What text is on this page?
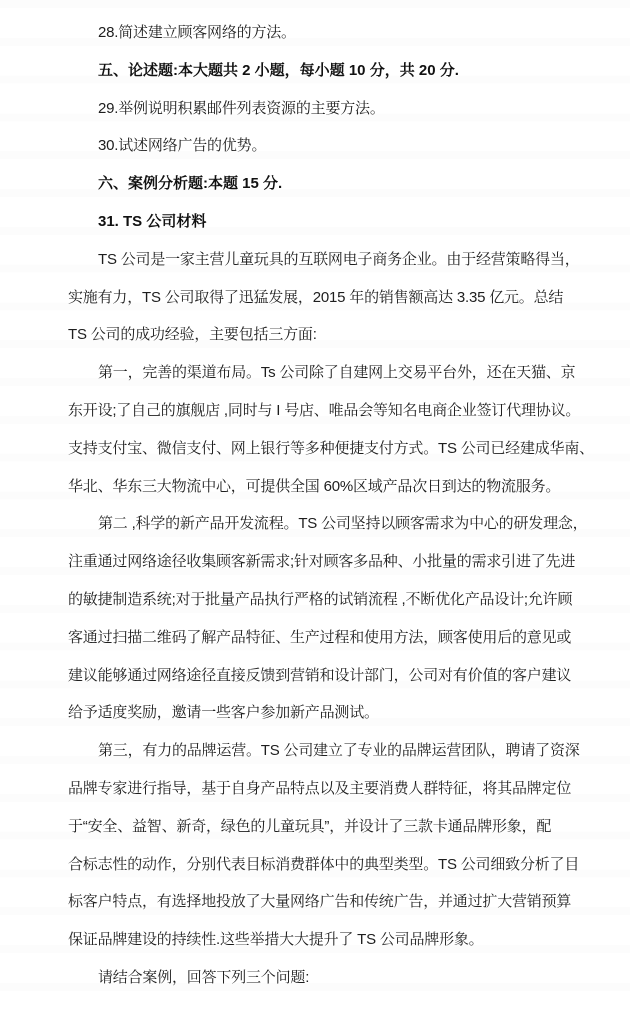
28.简述建立顾客网络的方法。
五、论述题:本大题共 2 小题，每小题 10 分，共 20 分.
29.举例说明积累邮件列表资源的主要方法。
30.试述网络广告的优势。
六、案例分析题:本题 15 分.
31. TS 公司材料
TS 公司是一家主营儿童玩具的互联网电子商务企业。由于经营策略得当，
实施有力，TS 公司取得了迅猛发展，2015 年的销售额高达 3.35 亿元。总结
TS 公司的成功经验，主要包括三方面:
第一，完善的渠道布局。Ts 公司除了自建网上交易平台外，还在天猫、京
东开设;了自己的旗舰店 ,同时与 I 号店、唯品会等知名电商企业签订代理协议。
支持支付宝、微信支付、网上银行等多种便捷支付方式。TS 公司已经建成华南、
华北、华东三大物流中心，可提供全国 60%区域产品次日到达的物流服务。
第二 ,科学的新产品开发流程。TS 公司坚持以顾客需求为中心的研发理念，
注重通过网络途径收集顾客新需求;针对顾客多品种、小批量的需求引进了先进
的敏捷制造系统;对于批量产品执行严格的试销流程 ,不断优化产品设计;允许顾
客通过扫描二维码了解产品特征、生产过程和使用方法，顾客使用后的意见或
建议能够通过网络途径直接反馈到营销和设计部门，公司对有价值的客户建议
给予适度奖励，邀请一些客户参加新产品测试。
第三，有力的品牌运营。TS 公司建立了专业的品牌运营团队，聘请了资深
品牌专家进行指导，基于自身产品特点以及主要消费人群特征，将其品牌定位
于“安全、益智、新奇，绿色的儿童玩具”，并设计了三款卡通品牌形象，配
合标志性的动作，分别代表目标消费群体中的典型类型。TS 公司细致分析了目
标客户特点，有选择地投放了大量网络广告和传统广告，并通过扩大营销预算
保证品牌建设的持续性.这些举措大大提升了 TS 公司品牌形象。
请结合案例，回答下列三个问题:
